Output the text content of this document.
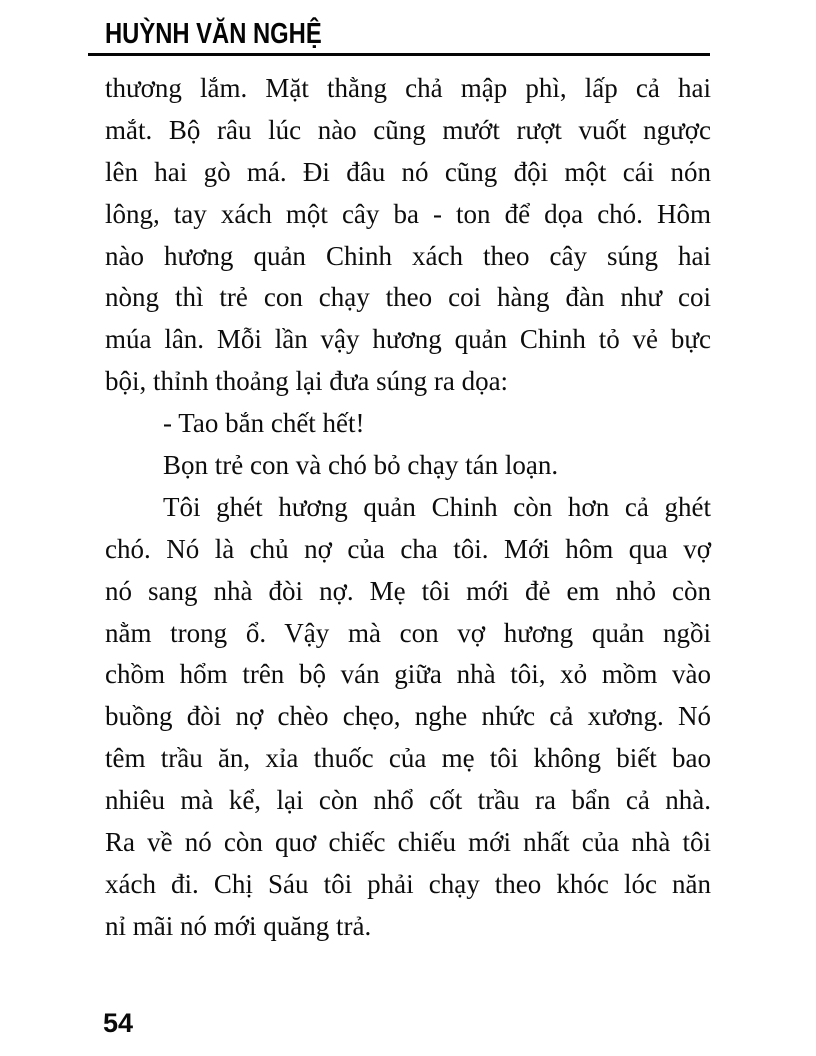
HUỲNH VĂN NGHỆ
thương lắm. Mặt thằng chả mập phì, lấp cả hai
mắt. Bộ râu lúc nào cũng mướt rượt vuốt ngược
lên hai gò má. Đi đâu nó cũng đội một cái nón
lông, tay xách một cây ba - ton để dọa chó. Hôm
nào hương quản Chinh xách theo cây súng hai
nòng thì trẻ con chạy theo coi hàng đàn như coi
múa lân. Mỗi lần vậy hương quản Chinh tỏ vẻ bực
bội, thỉnh thoảng lại đưa súng ra dọa:
- Tao bắn chết hết!
Bọn trẻ con và chó bỏ chạy tán loạn.
Tôi ghét hương quản Chinh còn hơn cả ghét
chó. Nó là chủ nợ của cha tôi. Mới hôm qua vợ
nó sang nhà đòi nợ. Mẹ tôi mới đẻ em nhỏ còn
nằm trong ổ. Vậy mà con vợ hương quản ngồi
chồm hổm trên bộ ván giữa nhà tôi, xỏ mồm vào
buồng đòi nợ chèo chẹo, nghe nhức cả xương. Nó
têm trầu ăn, xỉa thuốc của mẹ tôi không biết bao
nhiêu mà kể, lại còn nhổ cốt trầu ra bẩn cả nhà.
Ra về nó còn quơ chiếc chiếu mới nhất của nhà tôi
xách đi. Chị Sáu tôi phải chạy theo khóc lóc năn
nỉ mãi nó mới quăng trả.
54
